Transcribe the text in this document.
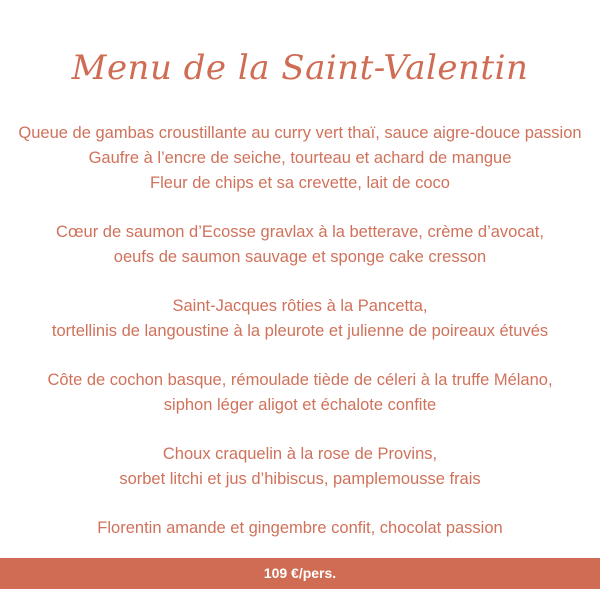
Menu de la Saint-Valentin
Queue de gambas croustillante au curry vert thaï, sauce aigre-douce passion
Gaufre à l’encre de seiche, tourteau et achard de mangue
Fleur de chips et sa crevette, lait de coco
Cœur de saumon d’Ecosse gravlax à la betterave, crème d’avocat,
oeufs de saumon sauvage et sponge cake cresson
Saint-Jacques rôties à la Pancetta,
tortellinis de langoustine à la pleurote et julienne de poireaux étuvés
Côte de cochon basque, rémoulade tiède de céleri à la truffe Mélano,
siphon léger aligot et échalote confite
Choux craquelin à la rose de Provins,
sorbet litchi et jus d’hibiscus, pamplemousse frais
Florentin amande et gingembre confit, chocolat passion
109 €/pers.
